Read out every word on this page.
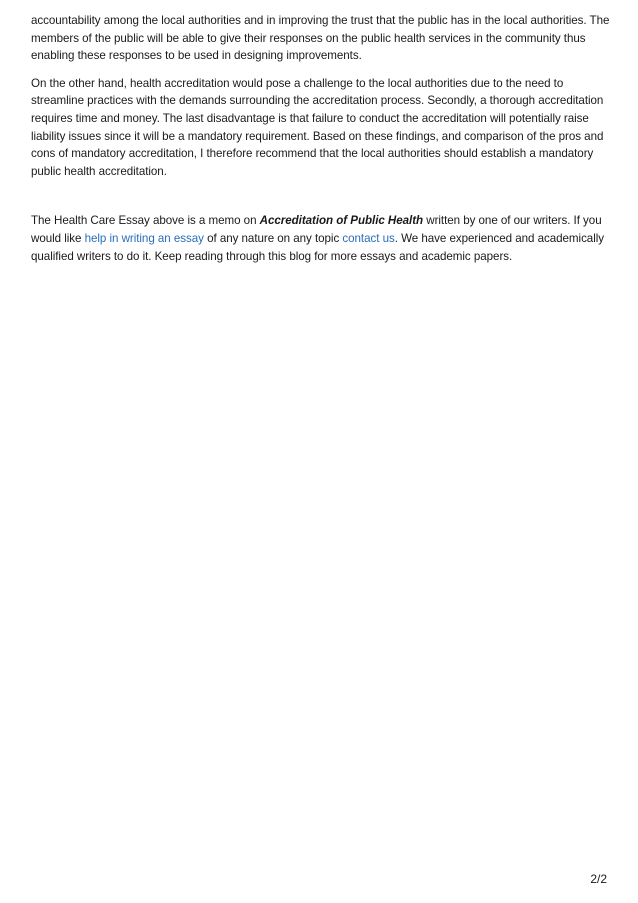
accountability among the local authorities and in improving the trust that the public has in the local authorities. The members of the public will be able to give their responses on the public health services in the community thus enabling these responses to be used in designing improvements.

On the other hand, health accreditation would pose a challenge to the local authorities due to the need to streamline practices with the demands surrounding the accreditation process. Secondly, a thorough accreditation requires time and money. The last disadvantage is that failure to conduct the accreditation will potentially raise liability issues since it will be a mandatory requirement. Based on these findings, and comparison of the pros and cons of mandatory accreditation, I therefore recommend that the local authorities should establish a mandatory public health accreditation.

The Health Care Essay above is a memo on Accreditation of Public Health written by one of our writers. If you would like help in writing an essay of any nature on any topic contact us. We have experienced and academically qualified writers to do it. Keep reading through this blog for more essays and academic papers.

2/2
